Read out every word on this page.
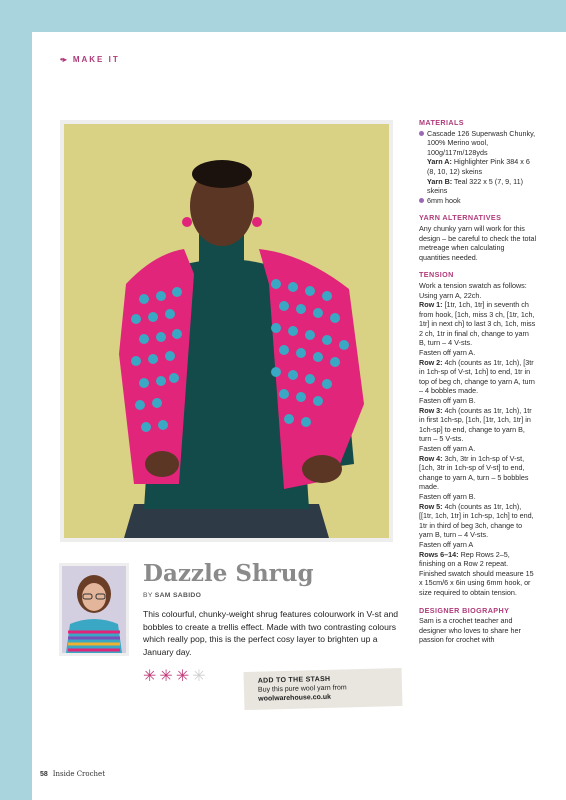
•▸ MAKE IT
MATERIALS
Cascade 126 Superwash Chunky, 100% Merino wool, 100g/117m/128yds
Yarn A: Highlighter Pink 384 x 6 (8, 10, 12) skeins
Yarn B: Teal 322 x 5 (7, 9, 11) skeins
6mm hook
YARN ALTERNATIVES
Any chunky yarn will work for this design – be careful to check the total metreage when calculating quantities needed.
TENSION
Work a tension swatch as follows:
Using yarn A, 22ch.
Row 1: [1tr, 1ch, 1tr] in seventh ch from hook, [1ch, miss 3 ch, [1tr, 1ch, 1tr] in next ch] to last 3 ch, 1ch, miss 2 ch, 1tr in final ch, change to yarn B, turn – 4 V-sts.
Fasten off yarn A.
Row 2: 4ch (counts as 1tr, 1ch), [3tr in 1ch-sp of V-st, 1ch] to end, 1tr in top of beg ch, change to yarn A, turn – 4 bobbles made.
Fasten off yarn B.
Row 3: 4ch (counts as 1tr, 1ch), 1tr in first 1ch-sp, [1ch, [1tr, 1ch, 1tr] in 1ch-sp] to end, change to yarn B, turn – 5 V-sts.
Fasten off yarn A.
Row 4: 3ch, 3tr in 1ch-sp of V-st, [1ch, 3tr in 1ch-sp of V-st] to end, change to yarn A, turn – 5 bobbles made.
Fasten off yarn B.
Row 5: 4ch (counts as 1tr, 1ch), [[1tr, 1ch, 1tr] in 1ch-sp, 1ch] to end, 1tr in third of beg 3ch, change to yarn B, turn – 4 V-sts.
Fasten off yarn A
Rows 6–14: Rep Rows 2–5, finishing on a Row 2 repeat. Finished swatch should measure 15 x 15cm/6 x 6in using 6mm hook, or size required to obtain tension.
DESIGNER BIOGRAPHY
Sam is a crochet teacher and designer who loves to share her passion for crochet with
Dazzle Shrug
BY SAM SABIDO
This colourful, chunky-weight shrug features colourwork in V-st and bobbles to create a trellis effect. Made with two contrasting colours which really pop, this is the perfect cosy layer to brighten up a January day.
✳ ✳ ✳ ✳	ADD TO THE STASH
Buy this pure wool yarn from
woolwarehouse.co.uk
58 Inside Crochet
PassionForum.ru
